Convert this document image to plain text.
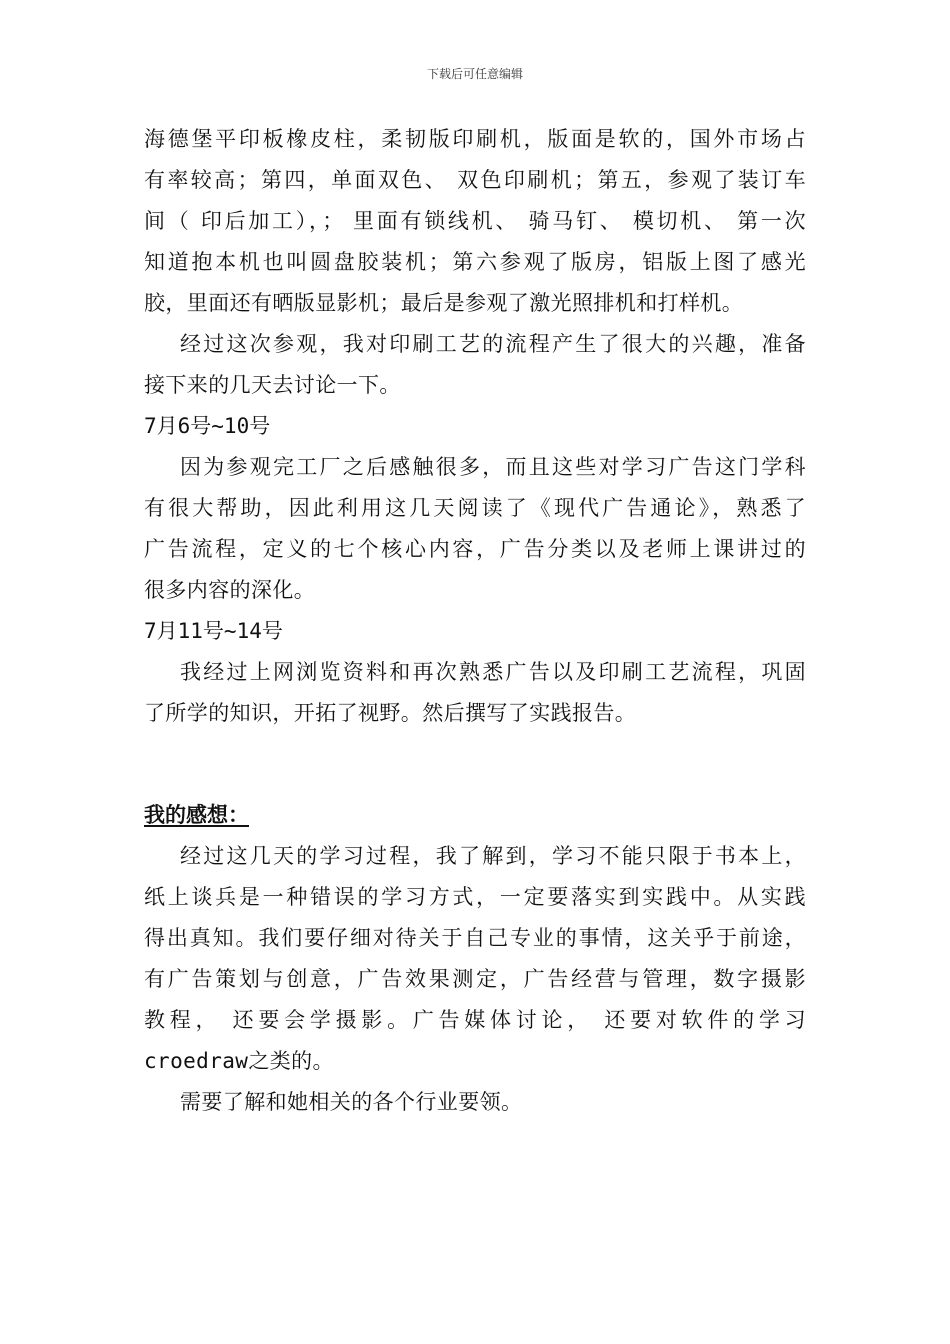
下载后可任意编辑
海德堡平印板橡皮柱，柔韧版印刷机，版面是软的，国外市场占
有率较高；第四，单面双色、 双色印刷机；第五，参观了装订车
间（ 印后加工），； 里面有锁线机、 骑马钉、 模切机、 第一次
知道抱本机也叫圆盘胶装机；第六参观了版房，铝版上图了感光
胶，里面还有晒版显影机；最后是参观了激光照排机和打样机。
经过这次参观，我对印刷工艺的流程产生了很大的兴趣，准备
接下来的几天去讨论一下。
7月6号~10号
因为参观完工厂之后感触很多，而且这些对学习广告这门学科
有很大帮助，因此利用这几天阅读了《现代广告通论》，熟悉了
广告流程，定义的七个核心内容，广告分类以及老师上课讲过的
很多内容的深化。
7月11号~14号
我经过上网浏览资料和再次熟悉广告以及印刷工艺流程，巩固
了所学的知识，开拓了视野。然后撰写了实践报告。
我的感想：
经过这几天的学习过程，我了解到，学习不能只限于书本上，
纸上谈兵是一种错误的学习方式，一定要落实到实践中。从实践
得出真知。我们要仔细对待关于自己专业的事情，这关乎于前途，
有广告策划与创意，广告效果测定，广告经营与管理，数字摄影
教程， 还要会学摄影。广告媒体讨论， 还要对软件的学习
croedraw之类的。
需要了解和她相关的各个行业要领。
